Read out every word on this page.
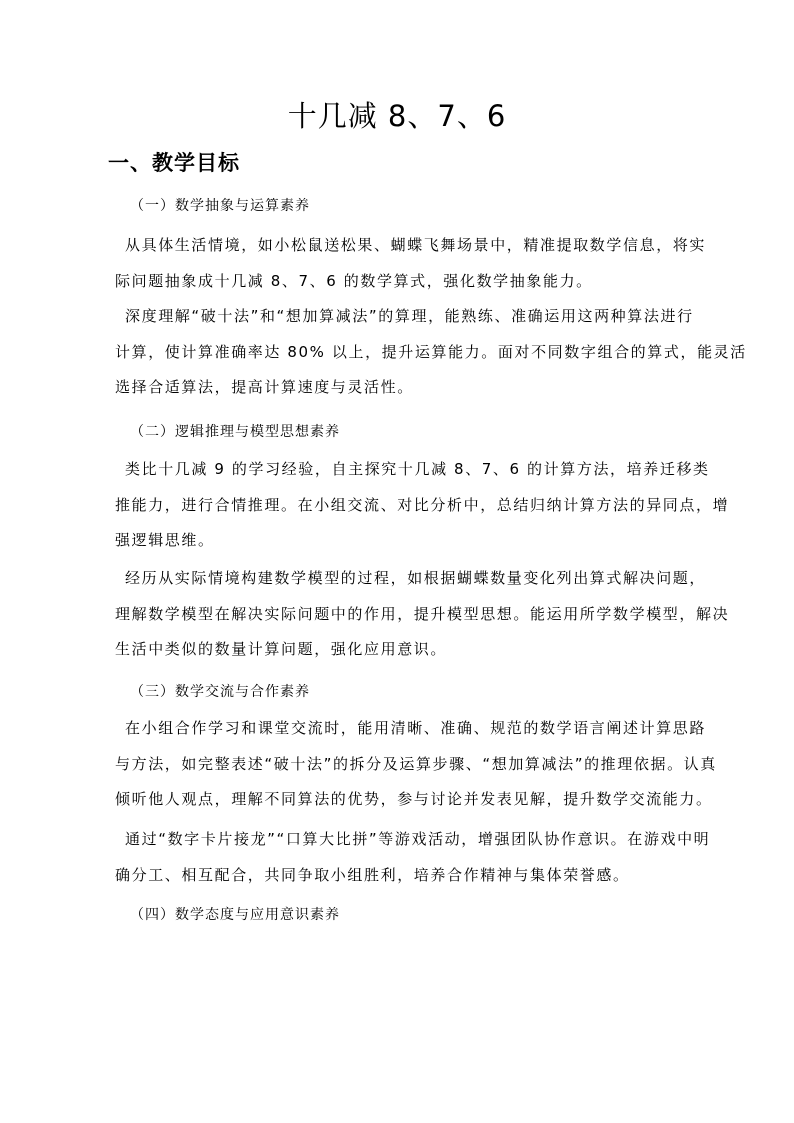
十几减 8、7、6
一、教学目标
（一）数学抽象与运算素养
从具体生活情境，如小松鼠送松果、蝴蝶飞舞场景中，精准提取数学信息，将实
际问题抽象成十几减 8、7、6 的数学算式，强化数学抽象能力。
深度理解“破十法”和“想加算减法”的算理，能熟练、准确运用这两种算法进行
计算，使计算准确率达 80% 以上，提升运算能力。面对不同数字组合的算式，能灵活
选择合适算法，提高计算速度与灵活性。
（二）逻辑推理与模型思想素养
类比十几减 9 的学习经验，自主探究十几减 8、7、6 的计算方法，培养迁移类
推能力，进行合情推理。在小组交流、对比分析中，总结归纳计算方法的异同点，增
强逻辑思维。
经历从实际情境构建数学模型的过程，如根据蝴蝶数量变化列出算式解决问题，
理解数学模型在解决实际问题中的作用，提升模型思想。能运用所学数学模型，解决
生活中类似的数量计算问题，强化应用意识。
（三）数学交流与合作素养
在小组合作学习和课堂交流时，能用清晰、准确、规范的数学语言阐述计算思路
与方法，如完整表述“破十法”的拆分及运算步骤、“想加算减法”的推理依据。认真
倾听他人观点，理解不同算法的优势，参与讨论并发表见解，提升数学交流能力。
通过“数字卡片接龙”“口算大比拼”等游戏活动，增强团队协作意识。在游戏中明
确分工、相互配合，共同争取小组胜利，培养合作精神与集体荣誉感。
（四）数学态度与应用意识素养
